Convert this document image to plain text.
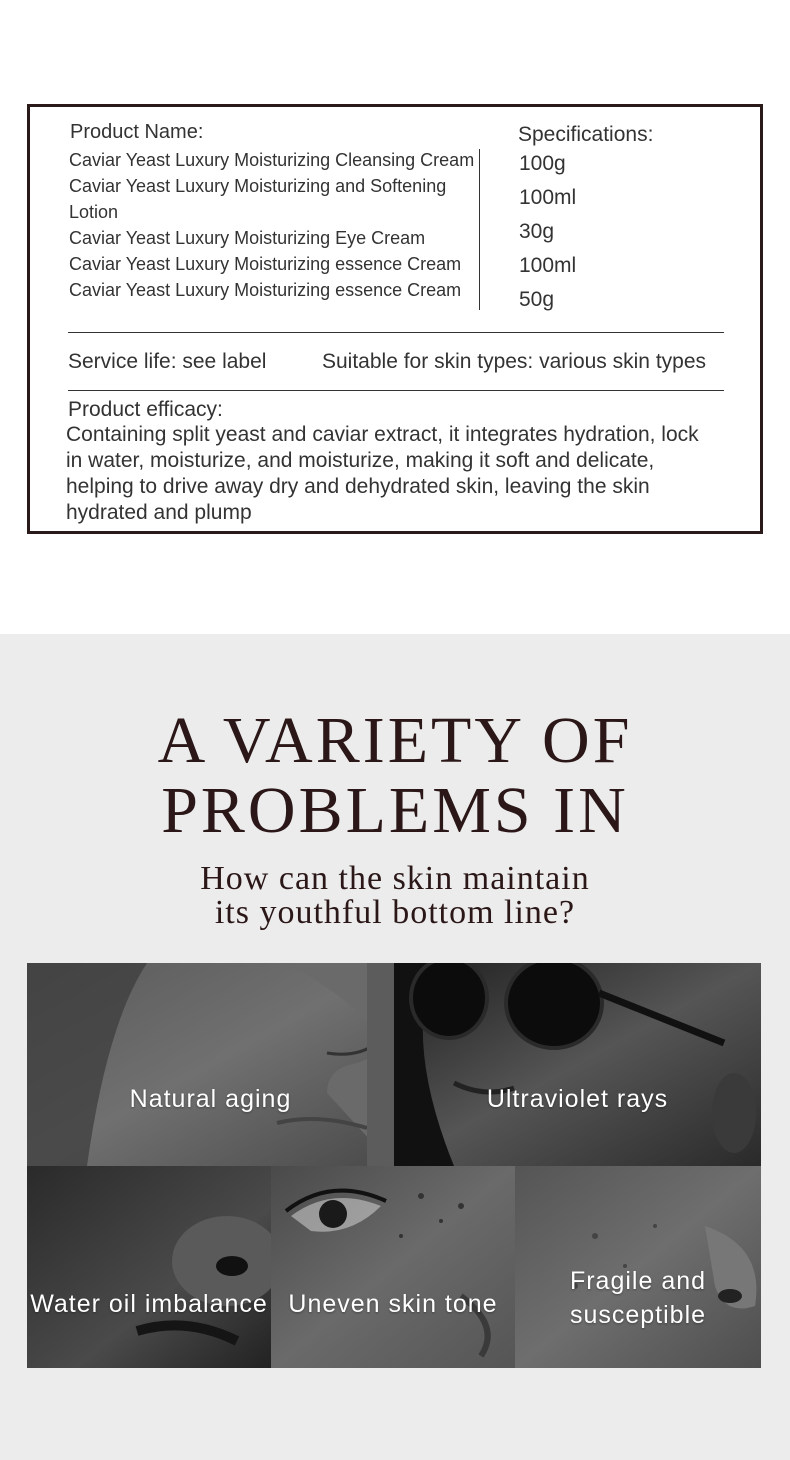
Product Name:
Caviar Yeast Luxury Moisturizing Cleansing Cream
Caviar Yeast Luxury Moisturizing and Softening Lotion
Caviar Yeast Luxury Moisturizing Eye Cream
Caviar Yeast Luxury Moisturizing essence Cream
Caviar Yeast Luxury Moisturizing essence Cream
Specifications:
100g
100ml
30g
100ml
50g
Service life: see label	Suitable for skin types: various skin types
Product efficacy:
Containing split yeast and caviar extract, it integrates hydration, lock in water, moisturize, and moisturize, making it soft and delicate, helping to drive away dry and dehydrated skin, leaving the skin hydrated and plump
A VARIETY OF
PROBLEMS IN
How can the skin maintain
its youthful bottom line?
Natural aging	Ultraviolet rays
Water oil imbalance Uneven skin tone
Fragile and
susceptible
